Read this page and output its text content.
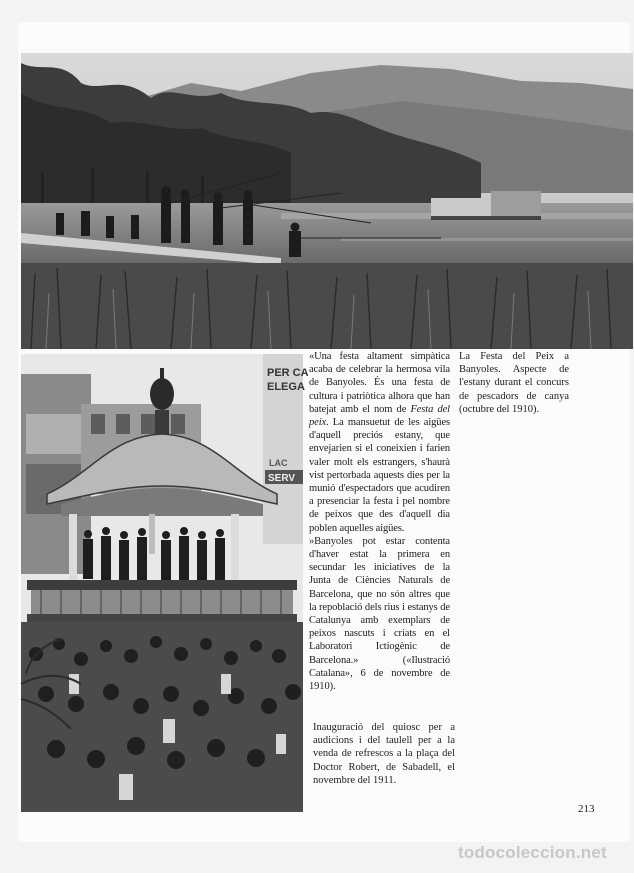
PER CA
ELEGA
LAC
SERV

«Una festa altament simpàtica acaba de celebrar la hermosa vila de Banyoles. És una festa de cultura i patriòtica alhora que han batejat amb el nom de Festa del peix. La mansuetut de les aigües d'aquell preciós estany, que envejarien si el coneixien i farien valer molt els estrangers, s'haurà vist pertorbada aquests dies per la munió d'espectadors que acudiren a presenciar la festa i pel nombre de peixos que des d'aquell dia poblen aquelles aigües.

»Banyoles pot estar contenta d'haver estat la primera en secundar les iniciatives de la Junta de Ciències Naturals de Barcelona, que no són altres que la repoblació dels rius i estanys de Catalunya amb exemplars de peixos nascuts i criats en el Laboratori Ictiogènic de Barcelona.» («Ilustració Catalana», 6 de novembre de 1910).

La Festa del Peix a Banyoles. Aspecte de l'estany durant el concurs de pescadors de canya (octubre del 1910).
Inauguració del quiosc per a audicions i del taulell per a la venda de refrescos a la plaça del Doctor Robert, de Sabadell, el novembre del 1911.
213
todocoleccion.net
